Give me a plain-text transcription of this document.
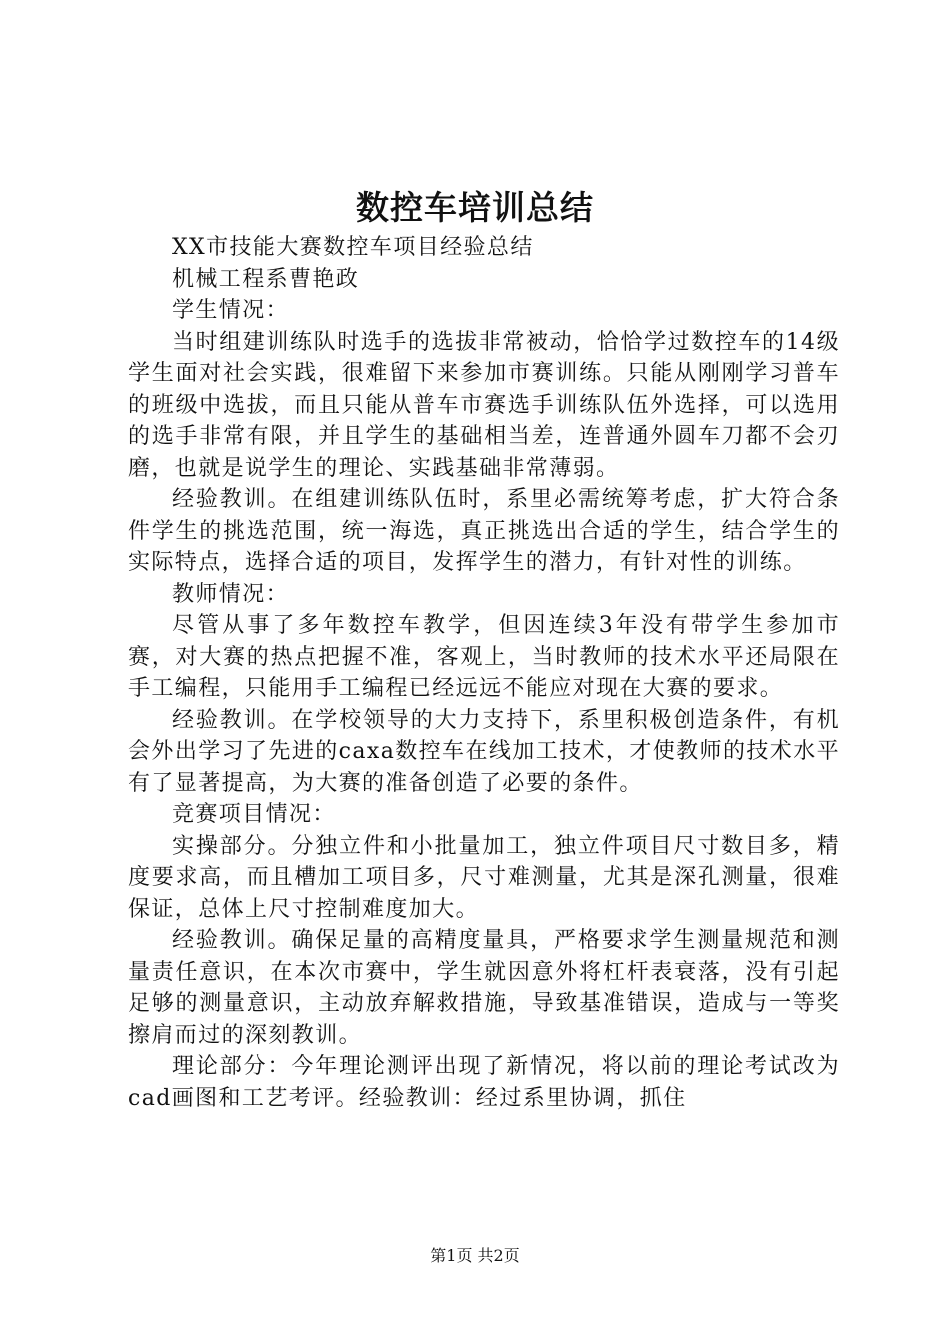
数控车培训总结

XX市技能大赛数控车项目经验总结

机械工程系曹艳政

学生情况：

当时组建训练队时选手的选拔非常被动，恰恰学过数控车的14级学生面对社会实践，很难留下来参加市赛训练。只能从刚刚学习普车的班级中选拔，而且只能从普车市赛选手训练队伍外选择，可以选用的选手非常有限，并且学生的基础相当差，连普通外圆车刀都不会刃磨，也就是说学生的理论、实践基础非常薄弱。

经验教训。在组建训练队伍时，系里必需统筹考虑，扩大符合条件学生的挑选范围，统一海选，真正挑选出合适的学生，结合学生的实际特点，选择合适的项目，发挥学生的潜力，有针对性的训练。

教师情况：

尽管从事了多年数控车教学，但因连续3年没有带学生参加市赛，对大赛的热点把握不准，客观上，当时教师的技术水平还局限在手工编程，只能用手工编程已经远远不能应对现在大赛的要求。

经验教训。在学校领导的大力支持下，系里积极创造条件，有机会外出学习了先进的caxa数控车在线加工技术，才使教师的技术水平有了显著提高，为大赛的准备创造了必要的条件。

竞赛项目情况：

实操部分。分独立件和小批量加工，独立件项目尺寸数目多，精度要求高，而且槽加工项目多，尺寸难测量，尤其是深孔测量，很难保证，总体上尺寸控制难度加大。

经验教训。确保足量的高精度量具，严格要求学生测量规范和测量责任意识，在本次市赛中，学生就因意外将杠杆表衰落，没有引起足够的测量意识，主动放弃解救措施，导致基准错误，造成与一等奖擦肩而过的深刻教训。

理论部分：今年理论测评出现了新情况，将以前的理论考试改为cad画图和工艺考评。经验教训：经过系里协调，抓住

第1页 共2页
